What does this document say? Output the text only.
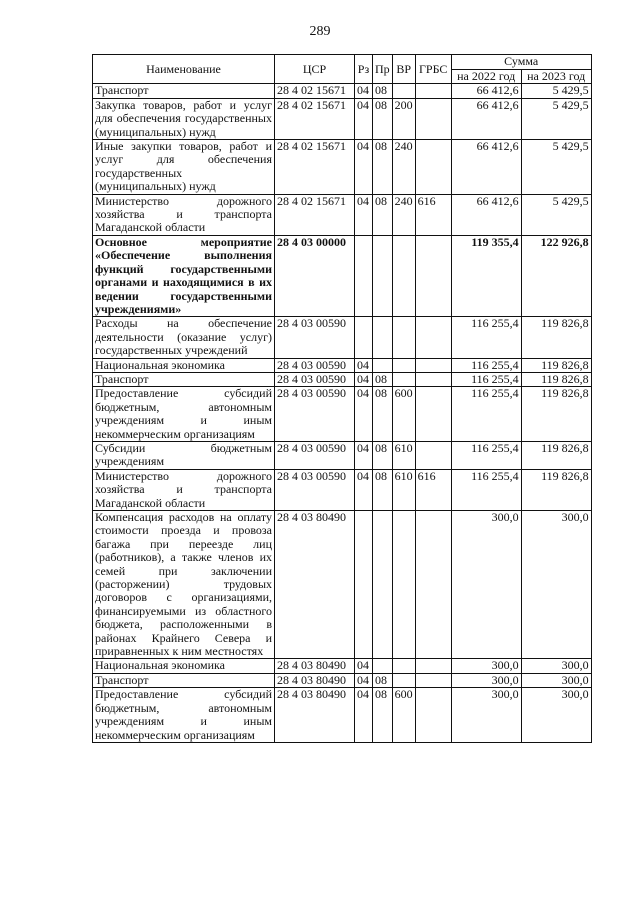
289
Наименование	ЦСР	Рз	Пр	ВР	ГРБС	Сумма	
						на 2022 год	на 2023 год
Транспорт	28 4 02 15671	04	08			66 412,6	5 429,5
Закупка товаров, работ и услуг для обеспечения государственных (муниципальных) нужд	28 4 02 15671	04	08	200		66 412,6	5 429,5
Иные закупки товаров, работ и услуг для обеспечения государственных (муниципальных) нужд	28 4 02 15671	04	08	240		66 412,6	5 429,5
Министерство дорожного хозяйства и транспорта Магаданской области	28 4 02 15671	04	08	240	616	66 412,6	5 429,5
Основное мероприятие «Обеспечение выполнения функций государственными органами и находящимися в их ведении государственными учреждениями»	28 4 03 00000					119 355,4	122 926,8
Расходы на обеспечение деятельности (оказание услуг) государственных учреждений	28 4 03 00590					116 255,4	119 826,8
Национальная экономика	28 4 03 00590	04				116 255,4	119 826,8
Транспорт	28 4 03 00590	04	08			116 255,4	119 826,8
Предоставление субсидий бюджетным, автономным учреждениям и иным некоммерческим организациям	28 4 03 00590	04	08	600		116 255,4	119 826,8
Субсидии бюджетным учреждениям	28 4 03 00590	04	08	610		116 255,4	119 826,8
Министерство дорожного хозяйства и транспорта Магаданской области	28 4 03 00590	04	08	610	616	116 255,4	119 826,8
Компенсация расходов на оплату стоимости проезда и провоза багажа при переезде лиц (работников), а также членов их семей при заключении (расторжении) трудовых договоров с организациями, финансируемыми из областного бюджета, расположенными в районах Крайнего Севера и приравненных к ним местностях	28 4 03 80490					300,0	300,0
Национальная экономика	28 4 03 80490	04				300,0	300,0
Транспорт	28 4 03 80490	04	08			300,0	300,0
Предоставление субсидий бюджетным, автономным учреждениям и иным некоммерческим организациям	28 4 03 80490	04	08	600		300,0	300,0
